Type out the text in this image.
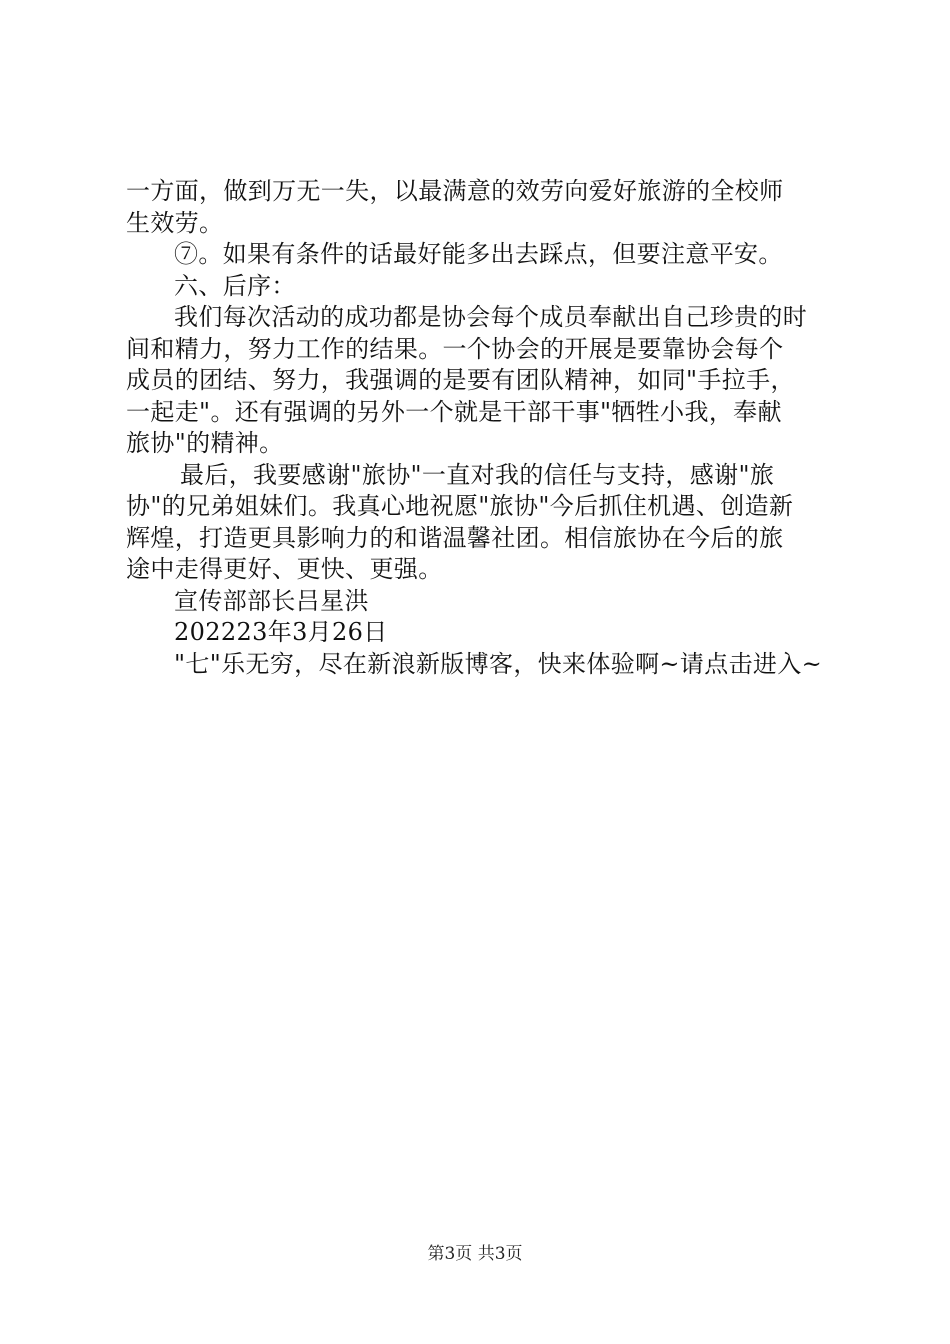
一方面，做到万无一失，以最满意的效劳向爱好旅游的全校师
生效劳。
⑦。如果有条件的话最好能多出去踩点，但要注意平安。
六、后序：
我们每次活动的成功都是协会每个成员奉献出自己珍贵的时
间和精力，努力工作的结果。一个协会的开展是要靠协会每个
成员的团结、努力，我强调的是要有团队精神，如同"手拉手，
一起走"。还有强调的另外一个就是干部干事"牺牲小我，奉献
旅协"的精神。
最后，我要感谢"旅协"一直对我的信任与支持，感谢"旅
协"的兄弟姐妹们。我真心地祝愿"旅协"今后抓住机遇、创造新
辉煌，打造更具影响力的和谐温馨社团。相信旅协在今后的旅
途中走得更好、更快、更强。
宣传部部长吕星洪
202223年3月26日
"七"乐无穷，尽在新浪新版博客，快来体验啊~请点击进入~
第3页 共3页
